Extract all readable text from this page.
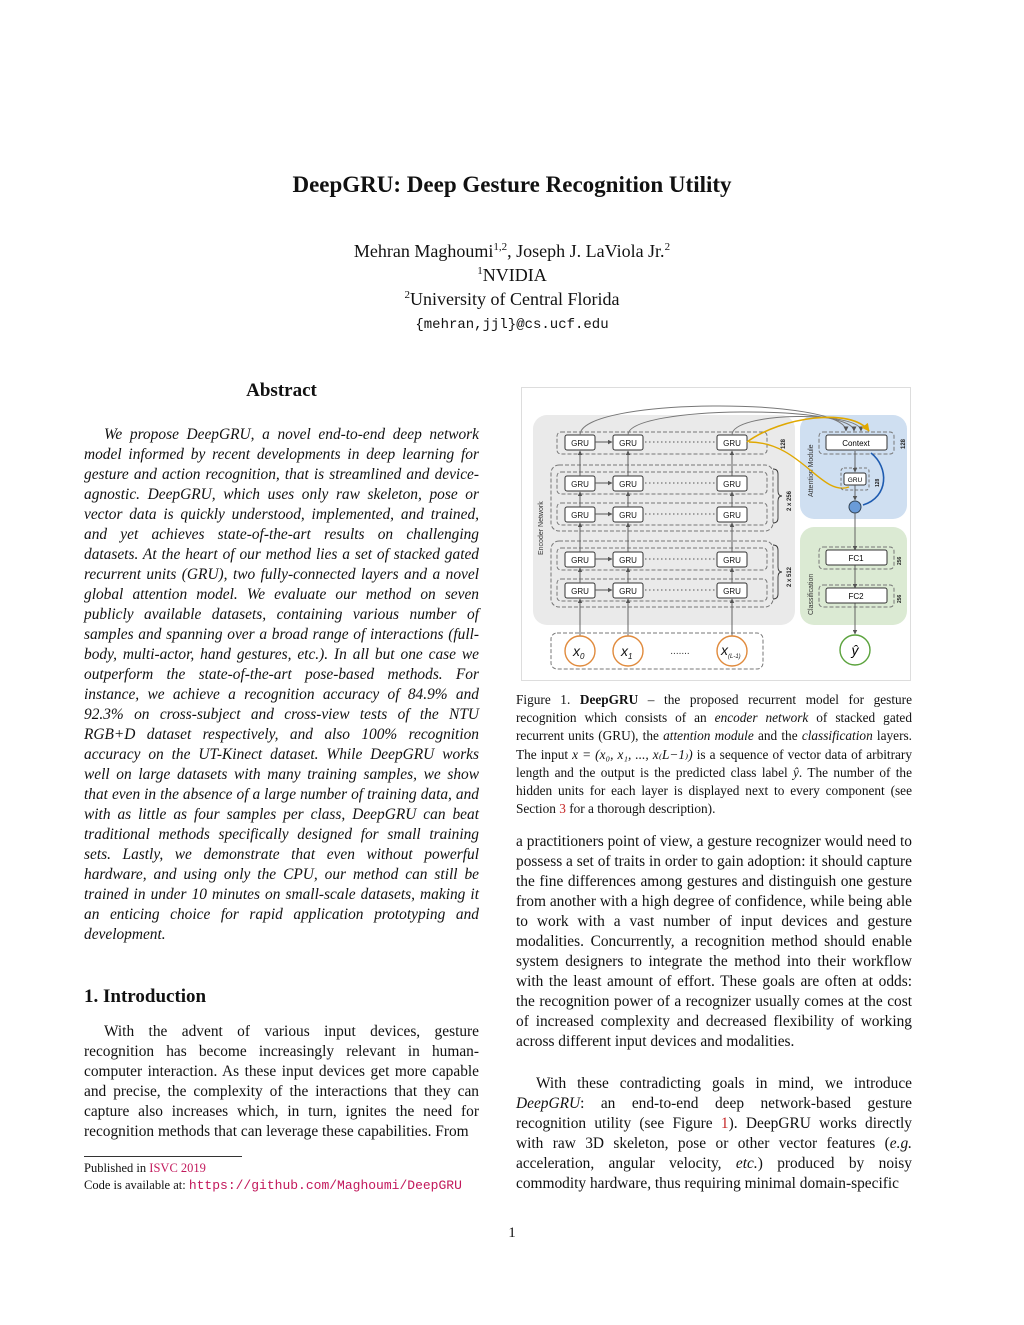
DeepGRU: Deep Gesture Recognition Utility
Mehran Maghoumi$^{1,2}$, Joseph J. LaViola Jr.$^2$
$^1$NVIDIA
$^2$University of Central Florida
{mehran,jjl}@cs.ucf.edu
Abstract

We propose DeepGRU, a novel end-to-end deep network model informed by recent developments in deep learning for gesture and action recognition, that is streamlined and device-agnostic. DeepGRU, which uses only raw skeleton, pose or vector data is quickly understood, implemented, and trained, and yet achieves state-of-the-art results on challenging datasets. At the heart of our method lies a set of stacked gated recurrent units (GRU), two fully-connected layers and a novel global attention model. We evaluate our method on seven publicly available datasets, containing various number of samples and spanning over a broad range of interactions (full-body, multi-actor, hand gestures, etc.). In all but one case we outperform the state-of-the-art pose-based methods. For instance, we achieve a recognition accuracy of 84.9% and 92.3% on cross-subject and cross-view tests of the NTU RGB+D dataset respectively, and also 100% recognition accuracy on the UT-Kinect dataset. While DeepGRU works well on large datasets with many training samples, we show that even in the absence of a large number of training data, and with as little as four samples per class, DeepGRU can beat traditional methods specifically designed for small training sets. Lastly, we demonstrate that even without powerful hardware, and using only the CPU, our method can still be trained in under 10 minutes on small-scale datasets, making it an enticing choice for rapid application prototyping and development.

1. Introduction

With the advent of various input devices, gesture recognition has become increasingly relevant in human-computer interaction. As these input devices get more capable and precise, the complexity of the interactions that they can capture also increases which, in turn, ignites the need for recognition methods that can leverage these capabilities. From

Published in ISVC 2019
Code is available at: https://github.com/Maghoumi/DeepGRU
Encoder Network
Attention Module
Classification
GRU	GRU	GRU
GRU	GRU	GRU
GRU	GRU	GRU
GRU	GRU	GRU
GRU	GRU	GRU
Context
GRU
FC1
FC2
128
2 x 256
2 x 512
128
128
256
256
$x_0$	$x_1$	$x_{(L-1)}$
.......	ŷ

Figure 1. DeepGRU – the proposed recurrent model for gesture recognition which consists of an encoder network of stacked gated recurrent units (GRU), the attention module and the classification layers. The input x = (x₀, x₁, ..., x₍L−1₎) is a sequence of vector data of arbitrary length and the output is the predicted class label ŷ. The number of the hidden units for each layer is displayed next to every component (see Section 3 for a thorough description).

a practitioners point of view, a gesture recognizer would need to possess a set of traits in order to gain adoption: it should capture the fine differences among gestures and distinguish one gesture from another with a high degree of confidence, while being able to work with a vast number of input devices and gesture modalities. Concurrently, a recognition method should enable system designers to integrate the method into their workflow with the least amount of effort. These goals are often at odds: the recognition power of a recognizer usually comes at the cost of increased complexity and decreased flexibility of working across different input devices and modalities.

With these contradicting goals in mind, we introduce DeepGRU: an end-to-end deep network-based gesture recognition utility (see Figure 1). DeepGRU works directly with raw 3D skeleton, pose or other vector features (e.g. acceleration, angular velocity, etc.) produced by noisy commodity hardware, thus requiring minimal domain-specific

1
